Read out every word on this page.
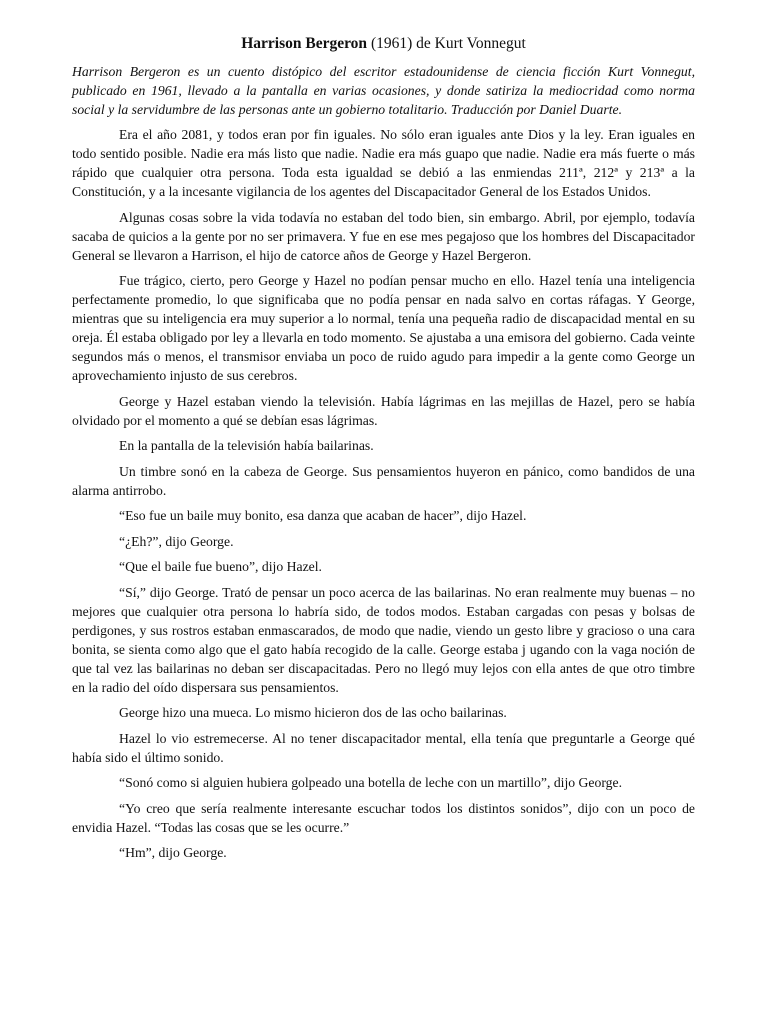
Harrison Bergeron (1961) de Kurt Vonnegut

Harrison Bergeron es un cuento distópico del escritor estadounidense de ciencia ficción Kurt Vonnegut, publicado en 1961, llevado a la pantalla en varias ocasiones, y donde satiriza la mediocridad como norma social y la servidumbre de las personas ante un gobierno totalitario. Traducción por Daniel Duarte.

Era el año 2081, y todos eran por fin iguales. No sólo eran iguales ante Dios y la ley. Eran iguales en todo sentido posible. Nadie era más listo que nadie. Nadie era más guapo que nadie. Nadie era más fuerte o más rápido que cualquier otra persona. Toda esta igualdad se debió a las enmiendas 211ª, 212ª y 213ª a la Constitución, y a la incesante vigilancia de los agentes del Discapacitador General de los Estados Unidos.

Algunas cosas sobre la vida todavía no estaban del todo bien, sin embargo. Abril, por ejemplo, todavía sacaba de quicios a la gente por no ser primavera. Y fue en ese mes pegajoso que los hombres del Discapacitador General se llevaron a Harrison, el hijo de catorce años de George y Hazel Bergeron.

Fue trágico, cierto, pero George y Hazel no podían pensar mucho en ello. Hazel tenía una inteligencia perfectamente promedio, lo que significaba que no podía pensar en nada salvo en cortas ráfagas. Y George, mientras que su inteligencia era muy superior a lo normal, tenía una pequeña radio de discapacidad mental en su oreja. Él estaba obligado por ley a llevarla en todo momento. Se ajustaba a una emisora del gobierno. Cada veinte segundos más o menos, el transmisor enviaba un poco de ruido agudo para impedir a la gente como George un aprovechamiento injusto de sus cerebros.

George y Hazel estaban viendo la televisión. Había lágrimas en las mejillas de Hazel, pero se había olvidado por el momento a qué se debían esas lágrimas.

En la pantalla de la televisión había bailarinas.

Un timbre sonó en la cabeza de George. Sus pensamientos huyeron en pánico, como bandidos de una alarma antirrobo.

“Eso fue un baile muy bonito, esa danza que acaban de hacer”, dijo Hazel.

“¿Eh?”, dijo George.

“Que el baile fue bueno”, dijo Hazel.

“Sí,” dijo George. Trató de pensar un poco acerca de las bailarinas. No eran realmente muy buenas – no mejores que cualquier otra persona lo habría sido, de todos modos. Estaban cargadas con pesas y bolsas de perdigones, y sus rostros estaban enmascarados, de modo que nadie, viendo un gesto libre y gracioso o una cara bonita, se sienta como algo que el gato había recogido de la calle. George estaba j ugando con la vaga noción de que tal vez las bailarinas no deban ser discapacitadas. Pero no llegó muy lejos con ella antes de que otro timbre en la radio del oído dispersara sus pensamientos.

George hizo una mueca. Lo mismo hicieron dos de las ocho bailarinas.

Hazel lo vio estremecerse. Al no tener discapacitador mental, ella tenía que preguntarle a George qué había sido el último sonido.

“Sonó como si alguien hubiera golpeado una botella de leche con un martillo”, dijo George.

“Yo creo que sería realmente interesante escuchar todos los distintos sonidos”, dijo con un poco de envidia Hazel. “Todas las cosas que se les ocurre.”

“Hm”, dijo George.
